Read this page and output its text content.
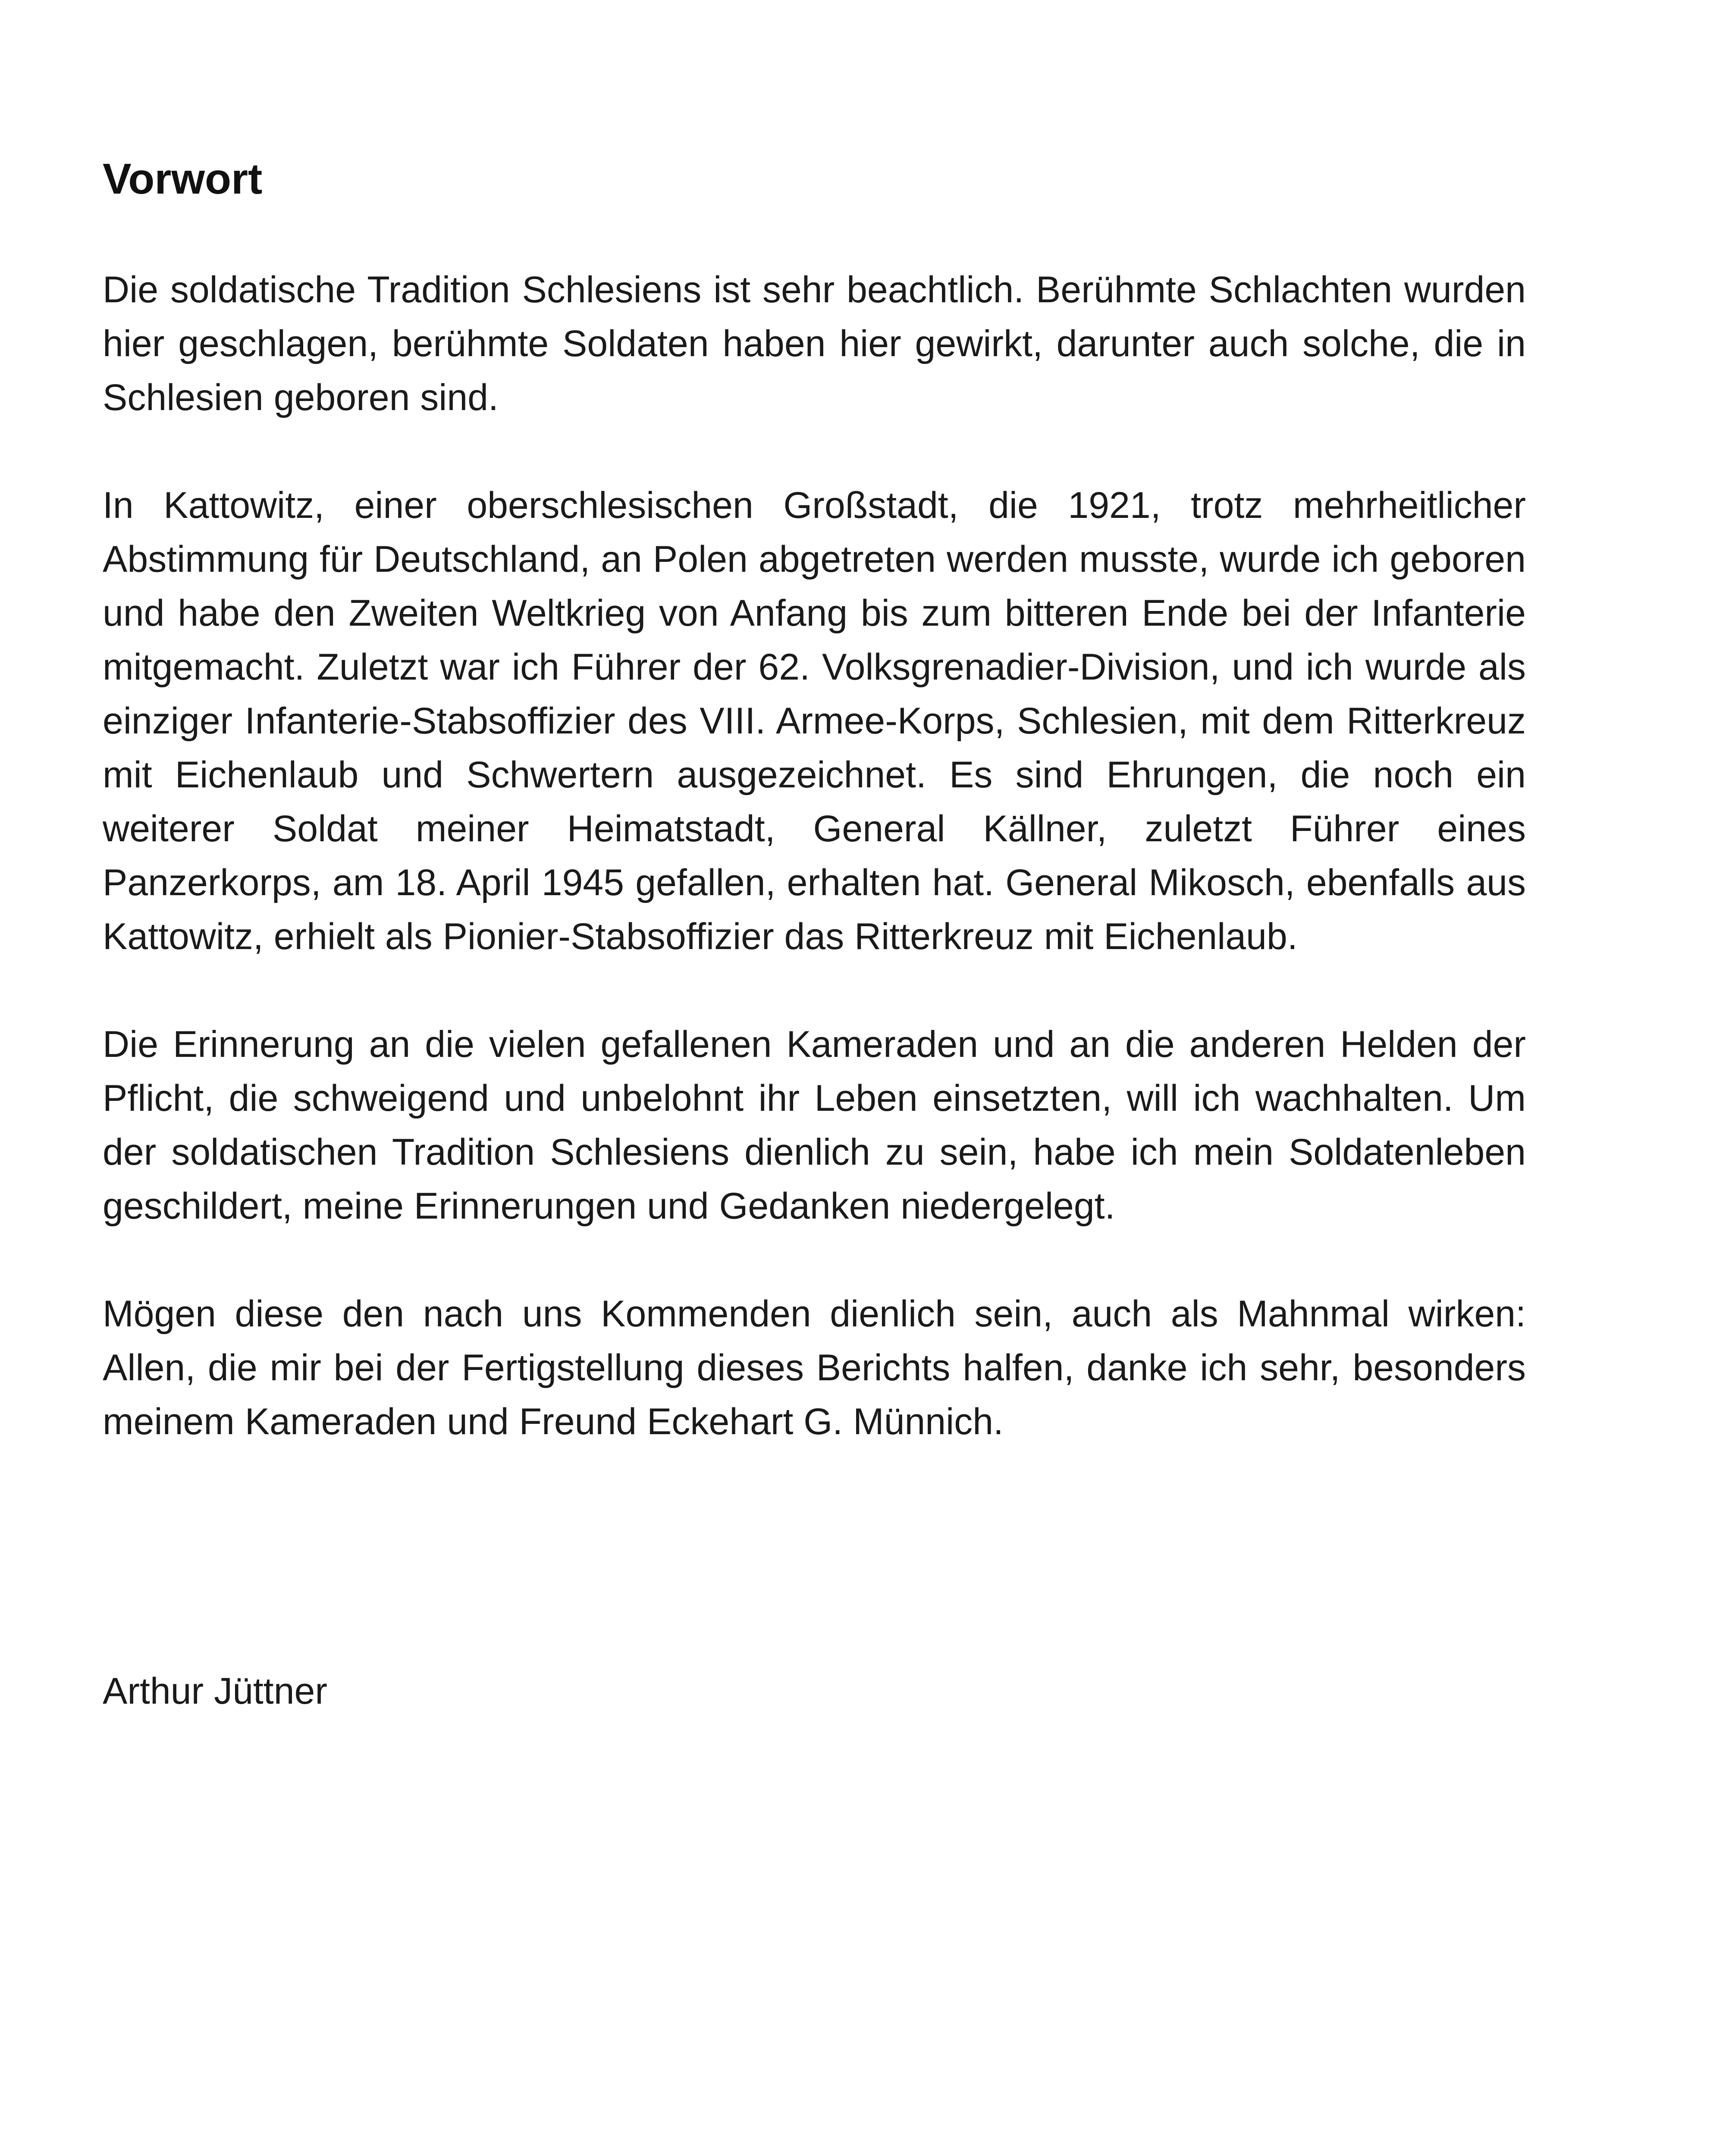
Vorwort

Die soldatische Tradition Schlesiens ist sehr beachtlich. Berühmte Schlachten wurden hier geschlagen, berühmte Soldaten haben hier gewirkt, darunter auch solche, die in Schlesien geboren sind.

In Kattowitz, einer oberschlesischen Großstadt, die 1921, trotz mehrheitlicher Abstimmung für Deutschland, an Polen abgetreten werden musste, wurde ich geboren und habe den Zweiten Weltkrieg von Anfang bis zum bitteren Ende bei der Infanterie mitgemacht. Zuletzt war ich Führer der 62. Volksgrenadier-Division, und ich wurde als einziger Infanterie-Stabsoffizier des VIII. Armee-Korps, Schlesien, mit dem Ritterkreuz mit Eichenlaub und Schwertern ausgezeichnet. Es sind Ehrungen, die noch ein weiterer Soldat meiner Heimatstadt, General Källner, zuletzt Führer eines Panzerkorps, am 18. April 1945 gefallen, erhalten hat. General Mikosch, ebenfalls aus Kattowitz, erhielt als Pionier-Stabsoffizier das Ritterkreuz mit Eichenlaub.

Die Erinnerung an die vielen gefallenen Kameraden und an die anderen Helden der Pflicht, die schweigend und unbelohnt ihr Leben einsetzten, will ich wachhalten. Um der soldatischen Tradition Schlesiens dienlich zu sein, habe ich mein Soldatenleben geschildert, meine Erinnerungen und Gedanken niedergelegt.

Mögen diese den nach uns Kommenden dienlich sein, auch als Mahnmal wirken: Allen, die mir bei der Fertigstellung dieses Berichts halfen, danke ich sehr, besonders meinem Kameraden und Freund Eckehart G. Münnich.

Arthur Jüttner
